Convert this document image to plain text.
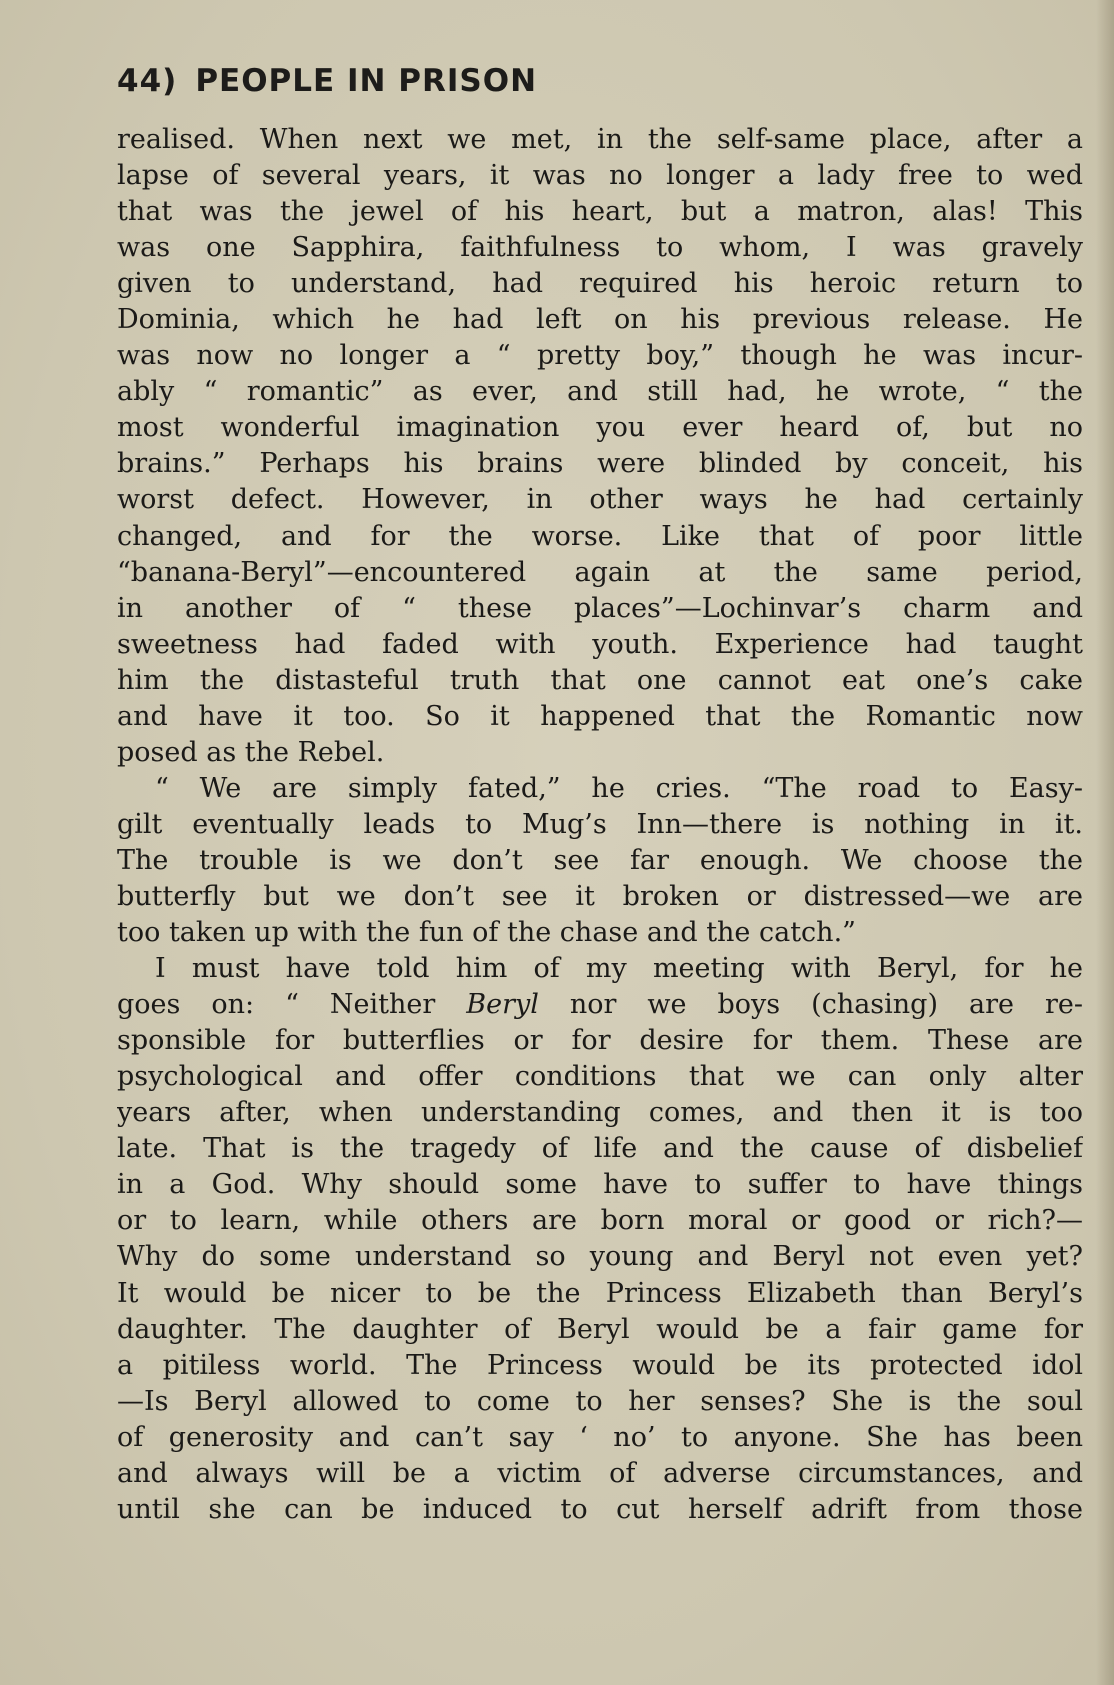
44) PEOPLE IN PRISON
realised. When next we met, in the self-same place, after a
lapse of several years, it was no longer a lady free to wed
that was the jewel of his heart, but a matron, alas! This
was one Sapphira, faithfulness to whom, I was gravely
given to understand, had required his heroic return to
Dominia, which he had left on his previous release. He
was now no longer a “ pretty boy,” though he was incur-
ably “ romantic” as ever, and still had, he wrote, “ the
most wonderful imagination you ever heard of, but no
brains.” Perhaps his brains were blinded by conceit, his
worst defect. However, in other ways he had certainly
changed, and for the worse. Like that of poor little
“banana-Beryl”—encountered again at the same period,
in another of “ these places”—Lochinvar’s charm and
sweetness had faded with youth. Experience had taught
him the distasteful truth that one cannot eat one’s cake
and have it too. So it happened that the Romantic now
posed as the Rebel.
“ We are simply fated,” he cries. “The road to Easy-
gilt eventually leads to Mug’s Inn—there is nothing in it.
The trouble is we don’t see far enough. We choose the
butterfly but we don’t see it broken or distressed—we are
too taken up with the fun of the chase and the catch.”
I must have told him of my meeting with Beryl, for he
goes on: “ Neither Beryl nor we boys (chasing) are re-
sponsible for butterflies or for desire for them. These are
psychological and offer conditions that we can only alter
years after, when understanding comes, and then it is too
late. That is the tragedy of life and the cause of disbelief
in a God. Why should some have to suffer to have things
or to learn, while others are born moral or good or rich?—
Why do some understand so young and Beryl not even yet?
It would be nicer to be the Princess Elizabeth than Beryl’s
daughter. The daughter of Beryl would be a fair game for
a pitiless world. The Princess would be its protected idol
—Is Beryl allowed to come to her senses? She is the soul
of generosity and can’t say ‘ no’ to anyone. She has been
and always will be a victim of adverse circumstances, and
until she can be induced to cut herself adrift from those
